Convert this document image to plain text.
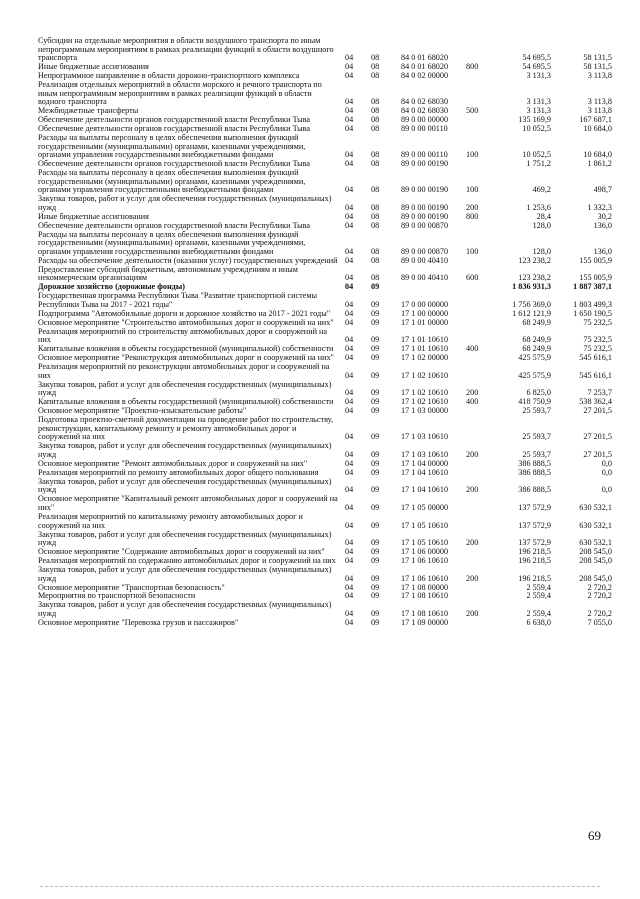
Субсидии на отдельные мероприятия в области воздушного транспорта по иным непрограммным мероприятиям в рамках реализации функций в области воздушного транспорта	04	08	84 0 01 68020	54 695,5	58 131,5
Иные бюджетные ассигнования	04	08	84 0 01 68020	800	54 695,5	58 131,5
Непрограммное направление в области дорожно-транспортного комплекса	04	08	84 0 02 00000	3 131,3	3 113,8
Реализация отдельных мероприятий в области морского и речного транспорта по иным непрограммным мероприятиям в рамках реализации функций в области водного транспорта	04	08	84 0 02 68030	3 131,3	3 113,8
Межбюджетные трансферты	04	08	84 0 02 68030	500	3 131,3	3 113,8
Обеспечение деятельности органов государственной власти Республики Тыва	04	08	89 0 00 00000	135 169,9	167 687,1
Обеспечение деятельности органов государственной власти Республики Тыва	04	08	89 0 00 00110	10 052,5	10 684,0
Расходы на выплаты персоналу в целях обеспечения выполнения функций государственными (муниципальными) органами, казенными учреждениями, органами управления государственными внебюджетными фондами	04	08	89 0 00 00110	100	10 052,5	10 684,0
Обеспечение деятельности органов государственной власти Республики Тыва	04	08	89 0 00 00190	1 751,2	1 861,2
Расходы на выплаты персоналу в целях обеспечения выполнения функций государственными (муниципальными) органами, казенными учреждениями, органами управления государственными внебюджетными фондами	04	08	89 0 00 00190	100	469,2	498,7
Закупка товаров, работ и услуг для обеспечения государственных (муниципальных) нужд	04	08	89 0 00 00190	200	1 253,6	1 332,3
Иные бюджетные ассигнования	04	08	89 0 00 00190	800	28,4	30,2
Обеспечение деятельности органов государственной власти Республики Тыва	04	08	89 0 00 00870	128,0	136,0
Расходы на выплаты персоналу в целях обеспечения выполнения функций государственными (муниципальными) органами, казенными учреждениями, органами управления государственными внебюджетными фондами	04	08	89 0 00 00870	100	128,0	136,0
Расходы на обеспечение деятельности (оказания услуг) государственных учреждений 04	08	89 0 00 40410	123 238,2	155 005,9
Предоставление субсидий бюджетным, автономным учреждениям и иным некоммерческим организациям	04	08	89 0 00 40410	600	123 238,2	155 005,9
Дорожное хозяйство (дорожные фонды)	04	09	1 836 931,3	1 887 387,1
Государственная программа Республики Тыва "Развитие транспортной системы Республики Тыва на 2017 - 2021 годы"	04	09	17 0 00 00000	1 756 369,0	1 803 499,3
Подпрограмма "Автомобильные дороги и дорожное хозяйство на 2017 - 2021 годы"	04	09	17 1 00 00000	1 612 121,9	1 650 190,5
Основное мероприятие "Строительство автомобильных дорог и сооружений на них"	04	09	17 1 01 00000	68 249,9	75 232,5
Реализация мероприятий по строительству автомобильных дорог и сооружений на них	04	09	17 1 01 10610	68 249,9	75 232,5
Капитальные вложения в объекты государственной (муниципальной) собственности	04	09	17 1 01 10610	400	68 249,9	75 232,5
Основное мероприятие "Реконструкция автомобильных дорог и сооружений на них"	04	09	17 1 02 00000	425 575,9	545 616,1
Реализация мероприятий по реконструкции автомобильных дорог и сооружений на них	04	09	17 1 02 10610	425 575,9	545 616,1
Закупка товаров, работ и услуг для обеспечения государственных (муниципальных) нужд	04	09	17 1 02 10610	200	6 825,0	7 253,7
Капитальные вложения в объекты государственной (муниципальной) собственности	04	09	17 1 02 10610	400	418 750,9	538 362,4
Основное мероприятие "Проектно-изыскательские работы"	04	09	17 1 03 00000	25 593,7	27 201,5
Подготовка проектно-сметной документации на проведение работ по строительству, реконструкции, капитальному ремонту и ремонту автомобильных дорог и сооружений на них	04	09	17 1 03 10610	25 593,7	27 201,5
Закупка товаров, работ и услуг для обеспечения государственных (муниципальных) нужд	04	09	17 1 03 10610	200	25 593,7	27 201,5
Основное мероприятие "Ремонт автомобильных дорог и сооружений на них"	04	09	17 1 04 00000	386 888,5	0,0
Реализация мероприятий по ремонту автомобильных дорог общего пользования	04	09	17 1 04 10610	386 888,5	0,0
Закупка товаров, работ и услуг для обеспечения государственных (муниципальных) нужд	04	09	17 1 04 10610	200	386 888,5	0,0
Основное мероприятие "Капитальный ремонт автомобильных дорог и сооружений на них"	04	09	17 1 05 00000	137 572,9	630 532,1
Реализация мероприятий по капитальному ремонту автомобильных дорог и сооружений на них	04	09	17 1 05 10610	137 572,9	630 532,1
Закупка товаров, работ и услуг для обеспечения государственных (муниципальных) нужд	04	09	17 1 05 10610	200	137 572,9	630 532,1
Основное мероприятие "Содержание автомобильных дорог и сооружений на них"	04	09	17 1 06 00000	196 218,5	208 545,0
Реализация мероприятий по содержанию автомобильных дорог и сооружений на них 04	09	17 1 06 10610	196 218,5	208 545,0
Закупка товаров, работ и услуг для обеспечения государственных (муниципальных) нужд	04	09	17 1 06 10610	200	196 218,5	208 545,0
Основное мероприятие "Транспортная безопасность"	04	09	17 1 08 00000	2 559,4	2 720,2
Мероприятия по транспортной безопасности	04	09	17 1 08 10610	2 559,4	2 720,2
Закупка товаров, работ и услуг для обеспечения государственных (муниципальных) нужд	04	09	17 1 08 10610	200	2 559,4	2 720,2
Основное мероприятие "Перевозка грузов и пассажиров"	04	09	17 1 09 00000	6 638,0	7 055,0
69
